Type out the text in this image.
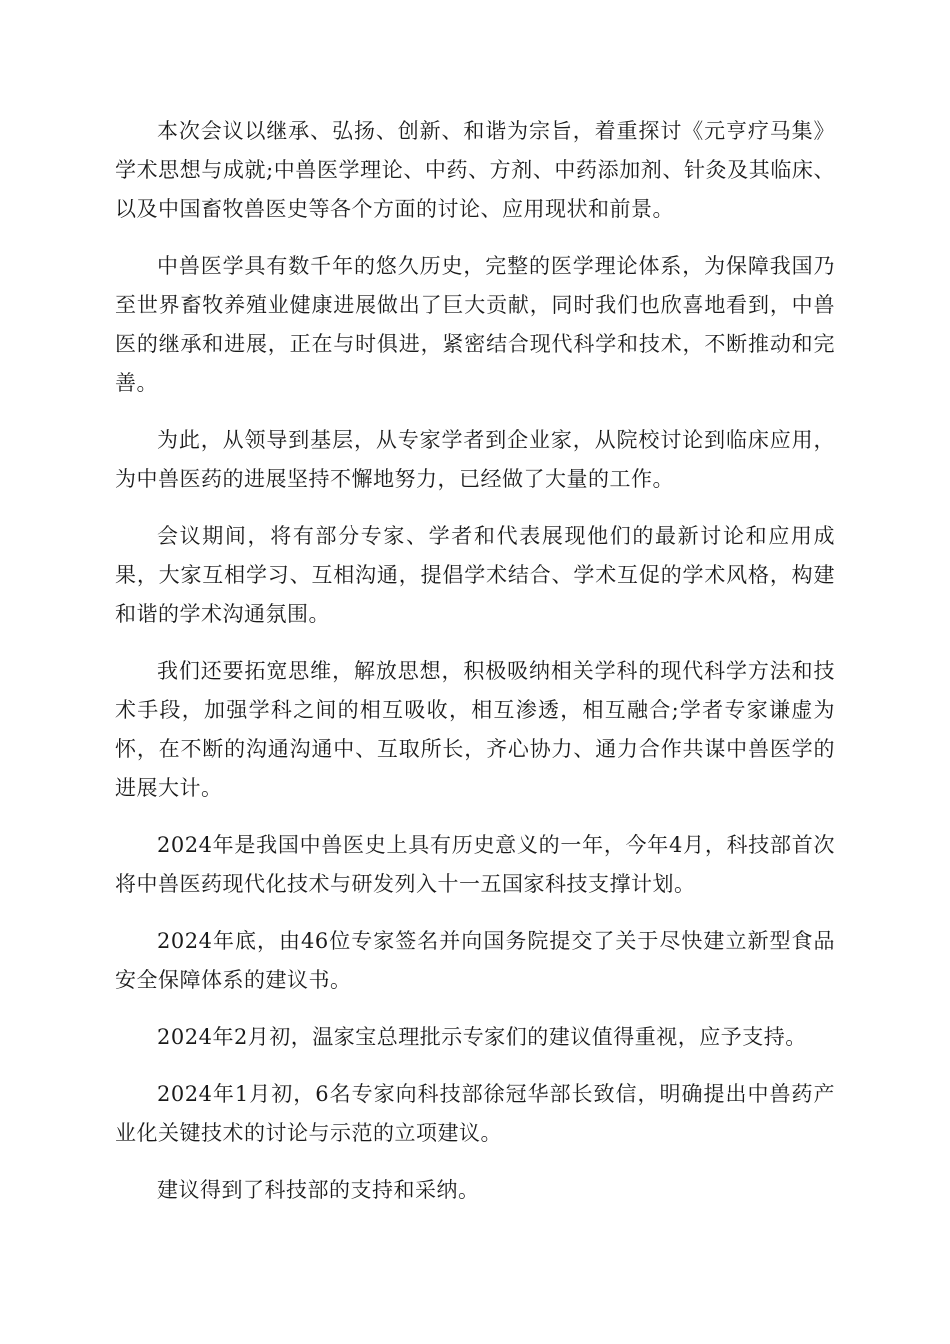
本次会议以继承、弘扬、创新、和谐为宗旨，着重探讨《元亨疗马集》学术思想与成就;中兽医学理论、中药、方剂、中药添加剂、针灸及其临床、以及中国畜牧兽医史等各个方面的讨论、应用现状和前景。

中兽医学具有数千年的悠久历史，完整的医学理论体系，为保障我国乃至世界畜牧养殖业健康进展做出了巨大贡献，同时我们也欣喜地看到，中兽医的继承和进展，正在与时俱进，紧密结合现代科学和技术，不断推动和完善。

为此，从领导到基层，从专家学者到企业家，从院校讨论到临床应用，为中兽医药的进展坚持不懈地努力，已经做了大量的工作。

会议期间，将有部分专家、学者和代表展现他们的最新讨论和应用成果，大家互相学习、互相沟通，提倡学术结合、学术互促的学术风格，构建和谐的学术沟通氛围。

我们还要拓宽思维，解放思想，积极吸纳相关学科的现代科学方法和技术手段，加强学科之间的相互吸收，相互渗透，相互融合;学者专家谦虚为怀，在不断的沟通沟通中、互取所长，齐心协力、通力合作共谋中兽医学的进展大计。

2024年是我国中兽医史上具有历史意义的一年，今年4月，科技部首次将中兽医药现代化技术与研发列入十一五国家科技支撑计划。

2024年底，由46位专家签名并向国务院提交了关于尽快建立新型食品安全保障体系的建议书。

2024年2月初，温家宝总理批示专家们的建议值得重视，应予支持。

2024年1月初，6名专家向科技部徐冠华部长致信，明确提出中兽药产业化关键技术的讨论与示范的立项建议。

建议得到了科技部的支持和采纳。
